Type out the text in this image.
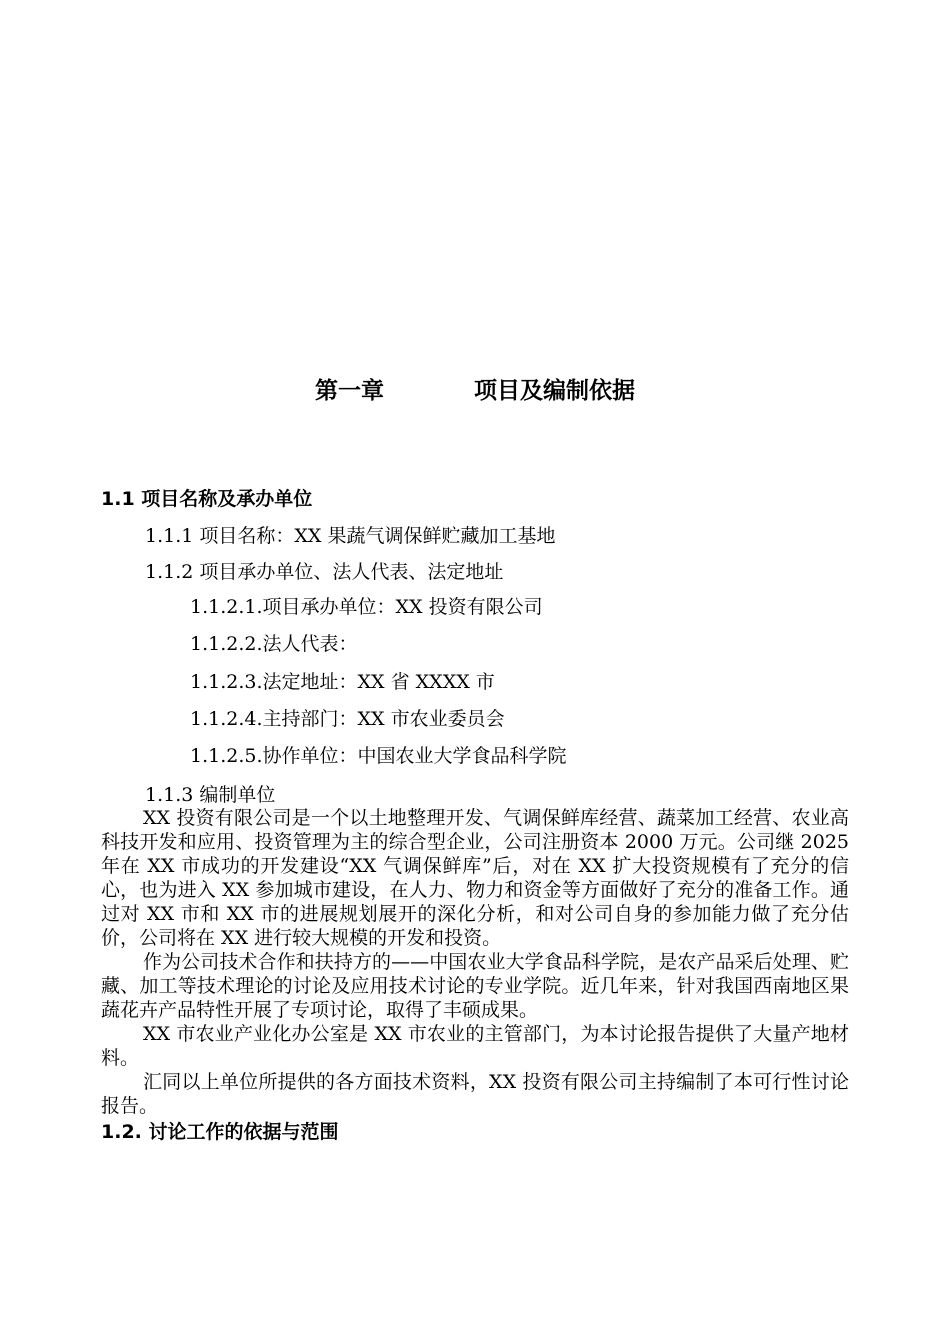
第一章	项目及编制依据
1.1 项目名称及承办单位
1.1.1 项目名称：XX 果蔬气调保鲜贮藏加工基地
1.1.2 项目承办单位、法人代表、法定地址
1.1.2.1.项目承办单位：XX 投资有限公司
1.1.2.2.法人代表：
1.1.2.3.法定地址：XX 省 XXXX 市
1.1.2.4.主持部门：XX 市农业委员会
1.1.2.5.协作单位：中国农业大学食品科学院
1.1.3 编制单位

XX 投资有限公司是一个以土地整理开发、气调保鲜库经营、蔬菜加工经营、农业高科技开发和应用、投资管理为主的综合型企业，公司注册资本 2000 万元。公司继 2025 年在 XX 市成功的开发建设“XX 气调保鲜库”后，对在 XX 扩大投资规模有了充分的信心，也为进入 XX 参加城市建设，在人力、物力和资金等方面做好了充分的准备工作。通过对 XX 市和 XX 市的进展规划展开的深化分析，和对公司自身的参加能力做了充分估价，公司将在 XX 进行较大规模的开发和投资。

作为公司技术合作和扶持方的——中国农业大学食品科学院，是农产品采后处理、贮藏、加工等技术理论的讨论及应用技术讨论的专业学院。近几年来，针对我国西南地区果蔬花卉产品特性开展了专项讨论，取得了丰硕成果。

XX 市农业产业化办公室是 XX 市农业的主管部门，为本讨论报告提供了大量产地材料。

汇同以上单位所提供的各方面技术资料，XX 投资有限公司主持编制了本可行性讨论报告。

1.2. 讨论工作的依据与范围
